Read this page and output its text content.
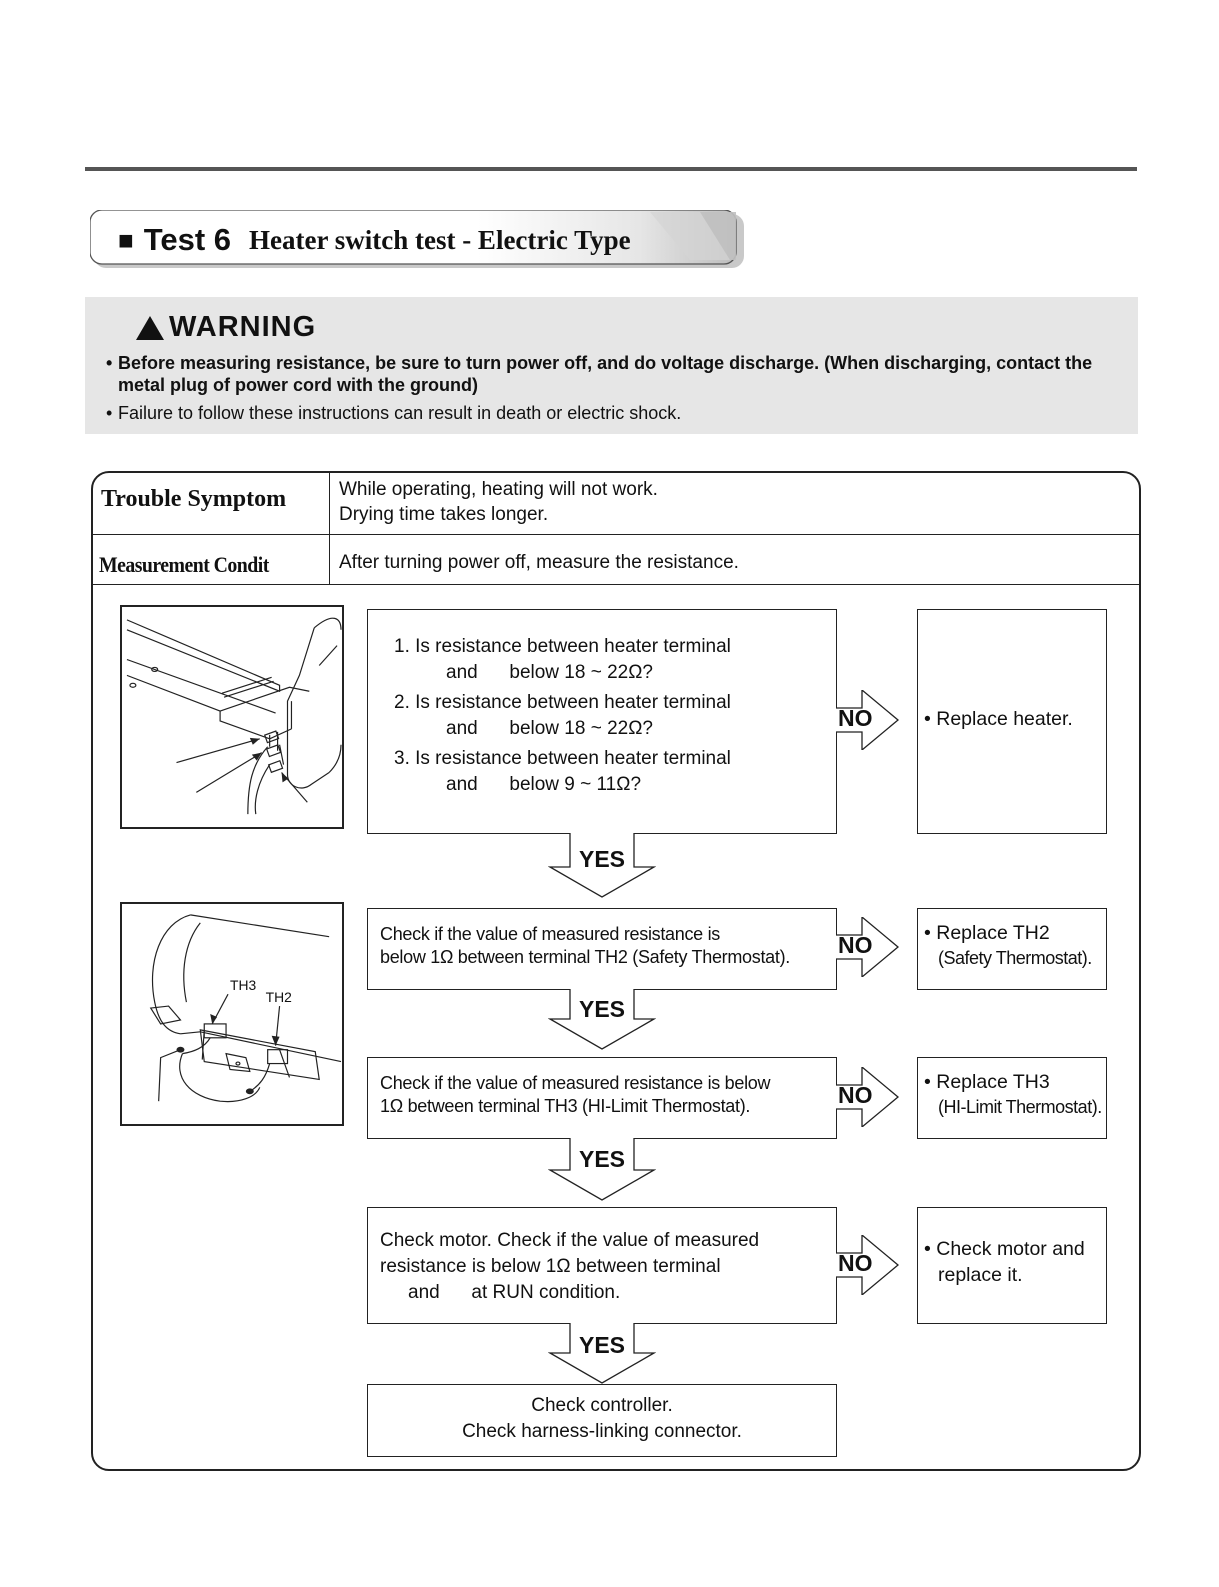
■ Test 6 Heater switch test - Electric Type
WARNING
• Before measuring resistance, be sure to turn power off, and do voltage discharge. (When discharging, contact the metal plug of power cord with the ground)
• Failure to follow these instructions can result in death or electric shock.
Trouble Symptom	While operating, heating will not work.
Drying time takes longer.
Measurement Condit	After turning power off, measure the resistance.
TH3
TH2
1. Is resistance between heater terminal
and      below 18 ~ 22Ω?
2. Is resistance between heater terminal
and      below 18 ~ 22Ω?
3. Is resistance between heater terminal
and      below 9 ~ 11Ω?
Check if the value of measured resistance is
below 1Ω between terminal TH2 (Safety Thermostat).
Check if the value of measured resistance is below
1Ω between terminal TH3 (HI-Limit Thermostat).
Check motor. Check if the value of measured
resistance is below 1Ω between terminal
and      at RUN condition.
Check controller.
Check harness-linking connector.
NO
NO
NO
NO
YES
YES
YES
YES
• Replace heater.
• Replace TH2
(Safety Thermostat).
• Replace TH3
(HI-Limit Thermostat).
• Check motor and
replace it.
